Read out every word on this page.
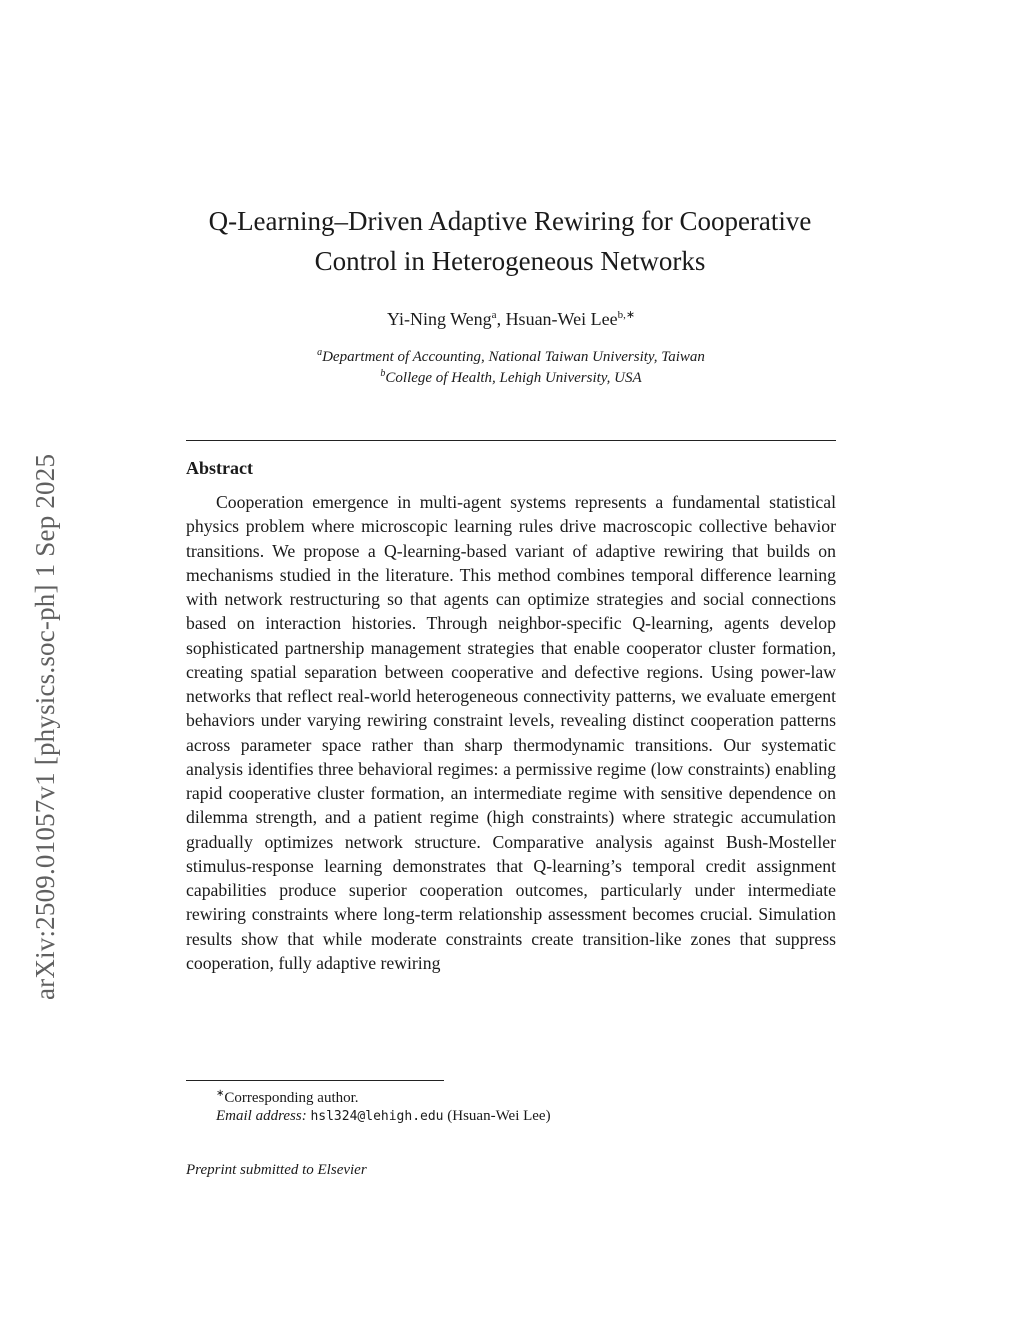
arXiv:2509.01057v1 [physics.soc-ph] 1 Sep 2025
Q-Learning–Driven Adaptive Rewiring for Cooperative
Control in Heterogeneous Networks
Yi-Ning Weng$^a$, Hsuan-Wei Lee$^{b,∗}$
$^a$Department of Accounting, National Taiwan University, Taiwan
$^b$College of Health, Lehigh University, USA
Abstract

Cooperation emergence in multi-agent systems represents a fundamental statistical physics problem where microscopic learning rules drive macroscopic collective behavior transitions. We propose a Q-learning-based variant of adaptive rewiring that builds on mechanisms studied in the literature. This method combines temporal difference learning with network restructuring so that agents can optimize strategies and social connections based on interaction histories. Through neighbor-specific Q-learning, agents develop sophisticated partnership management strategies that enable cooperator cluster formation, creating spatial separation between cooperative and defective regions. Using power-law networks that reflect real-world heterogeneous connectivity patterns, we evaluate emergent behaviors under varying rewiring constraint levels, revealing distinct cooperation patterns across parameter space rather than sharp thermodynamic transitions. Our systematic analysis identifies three behavioral regimes: a permissive regime (low constraints) enabling rapid cooperative cluster formation, an intermediate regime with sensitive dependence on dilemma strength, and a patient regime (high constraints) where strategic accumulation gradually optimizes network structure. Comparative analysis against Bush-Mosteller stimulus-response learning demonstrates that Q-learning’s temporal credit assignment capabilities produce superior cooperation outcomes, particularly under intermediate rewiring constraints where long-term relationship assessment becomes crucial. Simulation results show that while moderate constraints create transition-like zones that suppress cooperation, fully adaptive rewiring

∗Corresponding author.
Email address: hsl324@lehigh.edu (Hsuan-Wei Lee)
Preprint submitted to Elsevier
